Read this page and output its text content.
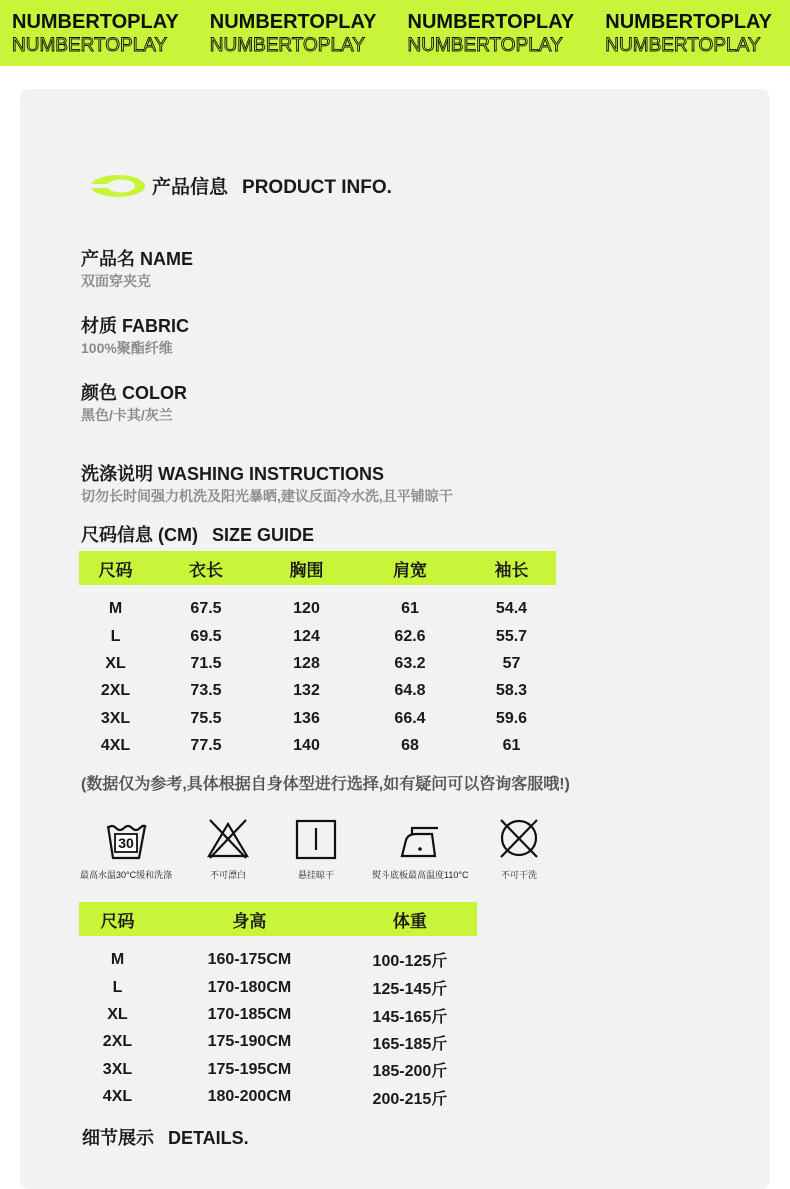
NUMBERTOPLAY
NUMBERTOPLAY
NUMBERTOPLAY
NUMBERTOPLAY
NUMBERTOPLAY
NUMBERTOPLAY
NUMBERTOPLAY
NUMBERTOPLAY
产品信息 PRODUCT INFO.
产品名 NAME
双面穿夹克
材质 FABRIC
100%聚酯纤维
颜色 COLOR
黑色/卡其/灰兰
洗涤说明 WASHING INSTRUCTIONS
切勿长时间强力机洗及阳光暴晒,建议反面冷水洗,且平铺晾干
尺码信息 (CM) SIZE GUIDE
尺码	衣长	胸围	肩宽	袖长
M	67.5	120	61	54.4
L	69.5	124	62.6	55.7
XL	71.5	128	63.2	57
2XL	73.5	132	64.8	58.3
3XL	75.5	136	66.4	59.6
4XL	77.5	140	68	61
(数据仅为参考,具体根据自身体型进行选择,如有疑问可以咨询客服哦!)
30
最高水温30°C缓和洗涤	不可漂白	悬挂晾干	熨斗底板最高温度110°C	不可干洗
尺码	身高	体重
M	160-175CM	100-125斤
L	170-180CM	125-145斤
XL	170-185CM	145-165斤
2XL	175-190CM	165-185斤
3XL	175-195CM	185-200斤
4XL	180-200CM	200-215斤
细节展示 DETAILS.
